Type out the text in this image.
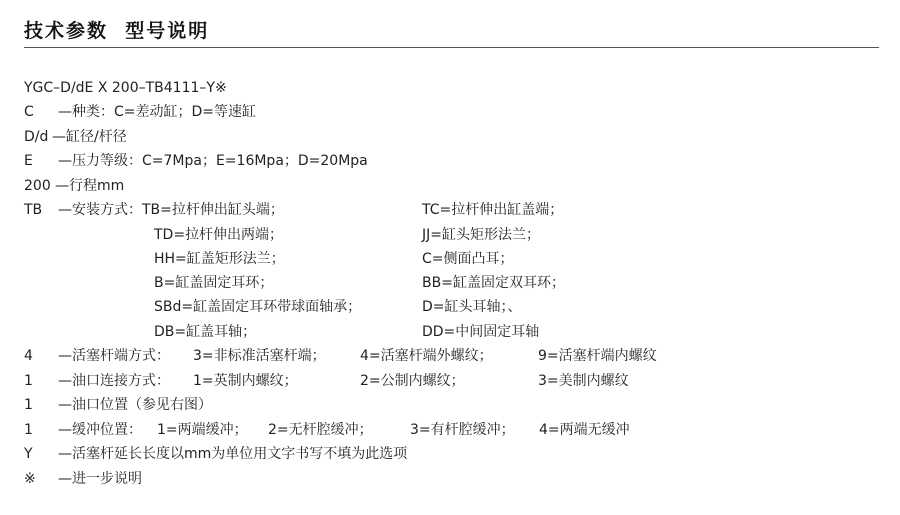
技术参数  型号说明
YGC–D/dE X 200–TB4111–Y※
C —种类：C=差动缸；D=等速缸
D/d —缸径/杆径
E —压力等级：C=7Mpa；E=16Mpa；D=20Mpa
200 —行程mm
TB —安装方式：TB=拉杆伸出缸头端；	TC=拉杆伸出缸盖端；
TD=拉杆伸出两端；	JJ=缸头矩形法兰；
HH=缸盖矩形法兰；	C=侧面凸耳；
B=缸盖固定耳环；	BB=缸盖固定双耳环；
SBd=缸盖固定耳环带球面轴承；	D=缸头耳轴；、
DB=缸盖耳轴；	DD=中间固定耳轴
4 —活塞杆端方式： 3=非标准活塞杆端； 4=活塞杆端外螺纹；	9=活塞杆端内螺纹
1 —油口连接方式： 1=英制内螺纹；	2=公制内螺纹；	3=美制内螺纹
1 —油口位置（参见右图）
1 —缓冲位置： 1=两端缓冲； 2=无杆腔缓冲；	3=有杆腔缓冲； 4=两端无缓冲
Y —活塞杆延长长度以mm为单位用文字书写不填为此选项
※ —进一步说明
